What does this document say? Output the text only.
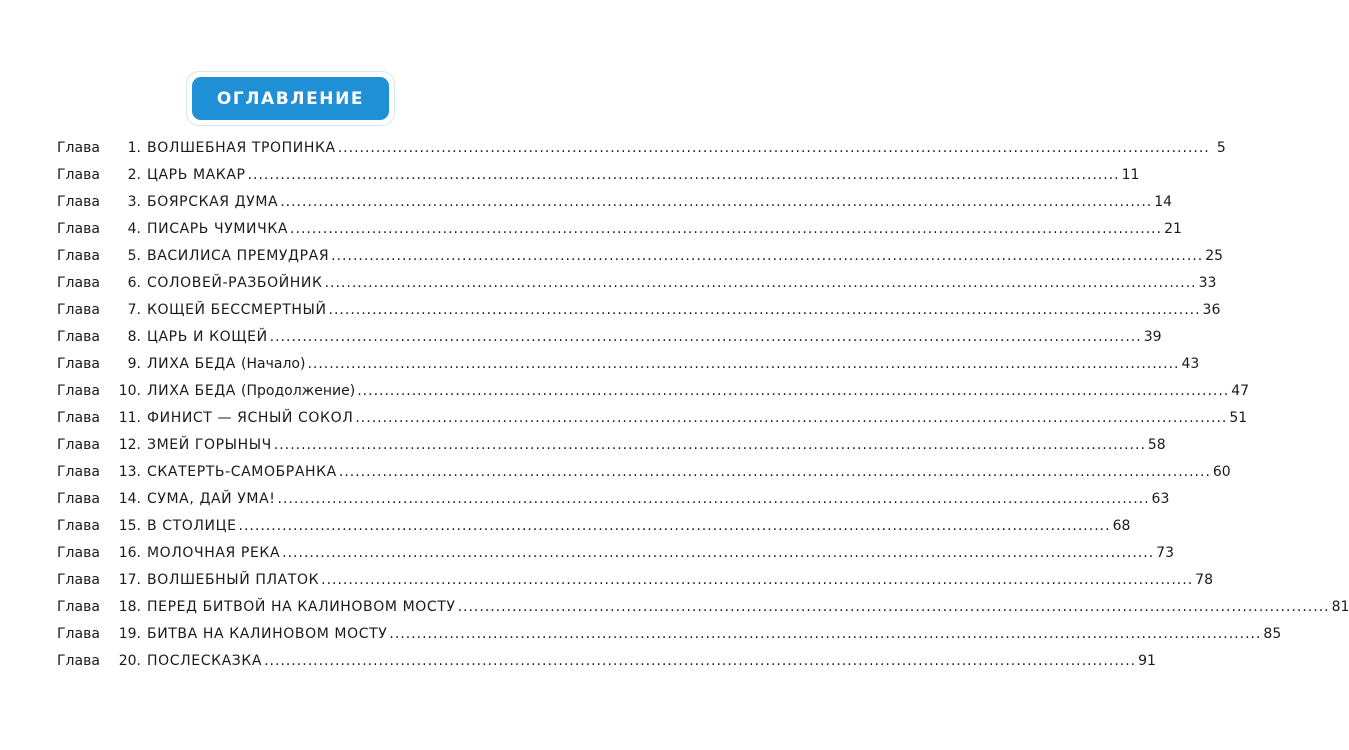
ОГЛАВЛЕНИЕ
Глава	1. ВОЛШЕБНАЯ ТРОПИНКА ................................................................................................................................................................ 5
Глава	2. ЦАРЬ МАКАР ................................................................................................................................................................ 11
Глава	3. БОЯРСКАЯ ДУМА ................................................................................................................................................................ 14
Глава	4. ПИСАРЬ ЧУМИЧКА ................................................................................................................................................................ 21
Глава	5. ВАСИЛИСА ПРЕМУДРАЯ ................................................................................................................................................................ 25
Глава	6. СОЛОВЕЙ-РАЗБОЙНИК ................................................................................................................................................................ 33
Глава	7. КОЩЕЙ БЕССМЕРТНЫЙ ................................................................................................................................................................ 36
Глава	8. ЦАРЬ И КОЩЕЙ ................................................................................................................................................................ 39
Глава	9. ЛИХА БЕДА (Начало) ................................................................................................................................................................ 43
Глава	10. ЛИХА БЕДА (Продолжение) ................................................................................................................................................................ 47
Глава	11. ФИНИСТ — ЯСНЫЙ СОКОЛ ................................................................................................................................................................ 51
Глава	12. ЗМЕЙ ГОРЫНЫЧ ................................................................................................................................................................ 58
Глава	13. СКАТЕРТЬ-САМОБРАНКА ................................................................................................................................................................ 60
Глава	14. СУМА, ДАЙ УМА! ................................................................................................................................................................ 63
Глава	15. В СТОЛИЦЕ ................................................................................................................................................................ 68
Глава	16. МОЛОЧНАЯ РЕКА ................................................................................................................................................................ 73
Глава	17. ВОЛШЕБНЫЙ ПЛАТОК ................................................................................................................................................................ 78
Глава	18. ПЕРЕД БИТВОЙ НА КАЛИНОВОМ МОСТУ ................................................................................................................................................................ 81
Глава	19. БИТВА НА КАЛИНОВОМ МОСТУ ................................................................................................................................................................ 85
Глава	20. ПОСЛЕСКАЗКА ................................................................................................................................................................ 91
